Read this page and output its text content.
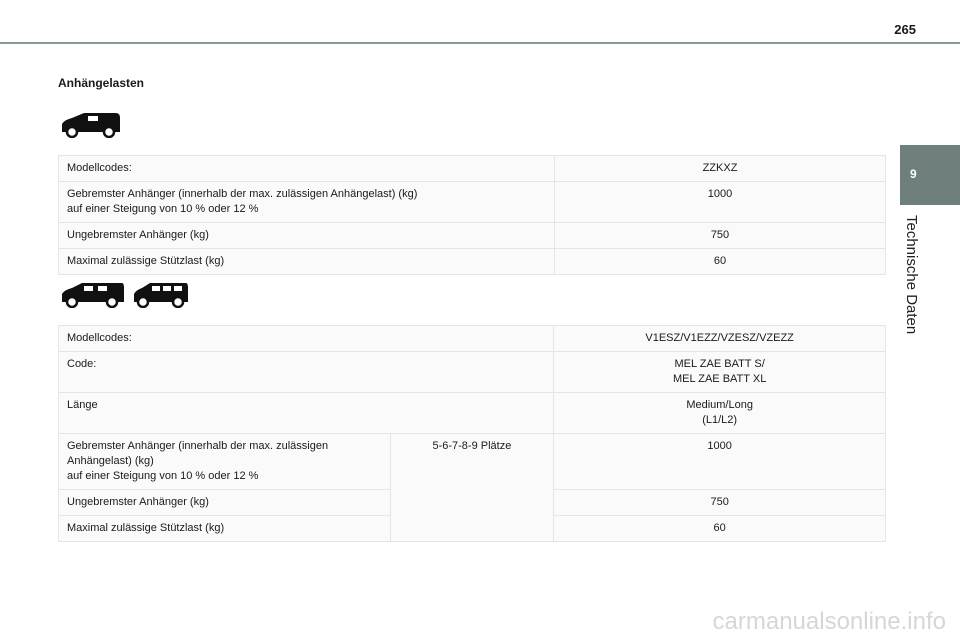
265
Anhängelasten
9
Technische Daten
Modellcodes:	ZZKXZ

Gebremster Anhänger (innerhalb der max. zulässigen Anhängelast) (kg)
auf einer Steigung von 10 % oder 12 %	1000
Ungebremster Anhänger (kg)	750
Maximal zulässige Stützlast (kg)	60
Modellcodes:		V1ESZ/V1EZZ/VZESZ/VZEZZ
Code:		MEL ZAE BATT S/
MEL ZAE BATT XL

Länge		Medium/Long
(L1/L2)

Gebremster Anhänger (innerhalb der max. zulässigen
Anhängelast) (kg)
auf einer Steigung von 10 % oder 12 %	5-6-7-8-9 Plätze	1000
Ungebremster Anhänger (kg)		750
Maximal zulässige Stützlast (kg)		60
carmanualsonline.info
